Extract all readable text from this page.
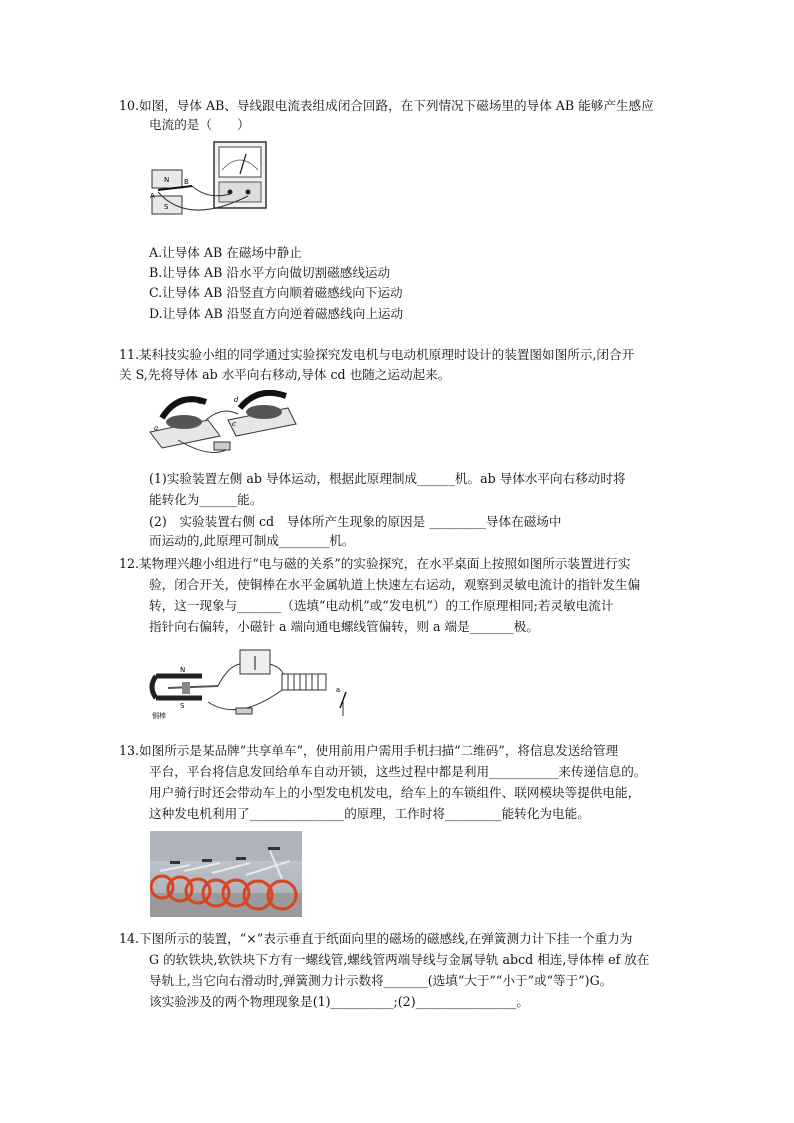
10.如图，导体 AB、导线跟电流表组成闭合回路，在下列情况下磁场里的导体 AB 能够产生感应
电流的是（　　）
B
A
N
S
A.让导体 AB 在磁场中静止
B.让导体 AB 沿水平方向做切割磁感线运动
C.让导体 AB 沿竖直方向顺着磁感线向下运动
D.让导体 AB 沿竖直方向逆着磁感线向上运动
11.某科技实验小组的同学通过实验探究发电机与电动机原理时设计的装置图如图所示,闭合开
关 S,先将导体 ab 水平向右移动,导体 cd 也随之运动起来。
b
a
d
c
(1)实验装置左侧 ab 导体运动，根据此原理制成______机。ab 导体水平向右移动时将
能转化为______能。
(2)　实验装置右侧 cd　导体所产生现象的原因是 _________导体在磁场中
而运动的,此原理可制成________机。
12.某物理兴趣小组进行“电与磁的关系”的实验探究，在水平桌面上按照如图所示装置进行实
验，闭合开关，使铜棒在水平金属轨道上快速左右运动，观察到灵敏电流计的指针发生偏
转，这一现象与_______（选填“电动机”或“发电机”）的工作原理相同;若灵敏电流计
指针向右偏转，小磁针 a 端向通电螺线管偏转，则 a 端是_______极。
N
S
铜棒
a
13.如图所示是某品牌“共享单车”，使用前用户需用手机扫描“二维码”，将信息发送给管理
平台，平台将信息发回给单车自动开锁，这些过程中都是利用___________来传递信息的。
用户骑行时还会带动车上的小型发电机发电，给车上的车锁组件、联网模块等提供电能，
这种发电机利用了_______________的原理，工作时将_________能转化为电能。
14.下图所示的装置，“×”表示垂直于纸面向里的磁场的磁感线,在弹簧测力计下挂一个重力为
G 的软铁块,软铁块下方有一螺线管,螺线管两端导线与金属导轨 abcd 相连,导体棒 ef 放在
导轨上,当它向右滑动时,弹簧测力计示数将_______(选填“大于”“小于”或“等于”)G。
该实验涉及的两个物理现象是(1)__________;(2)________________。
